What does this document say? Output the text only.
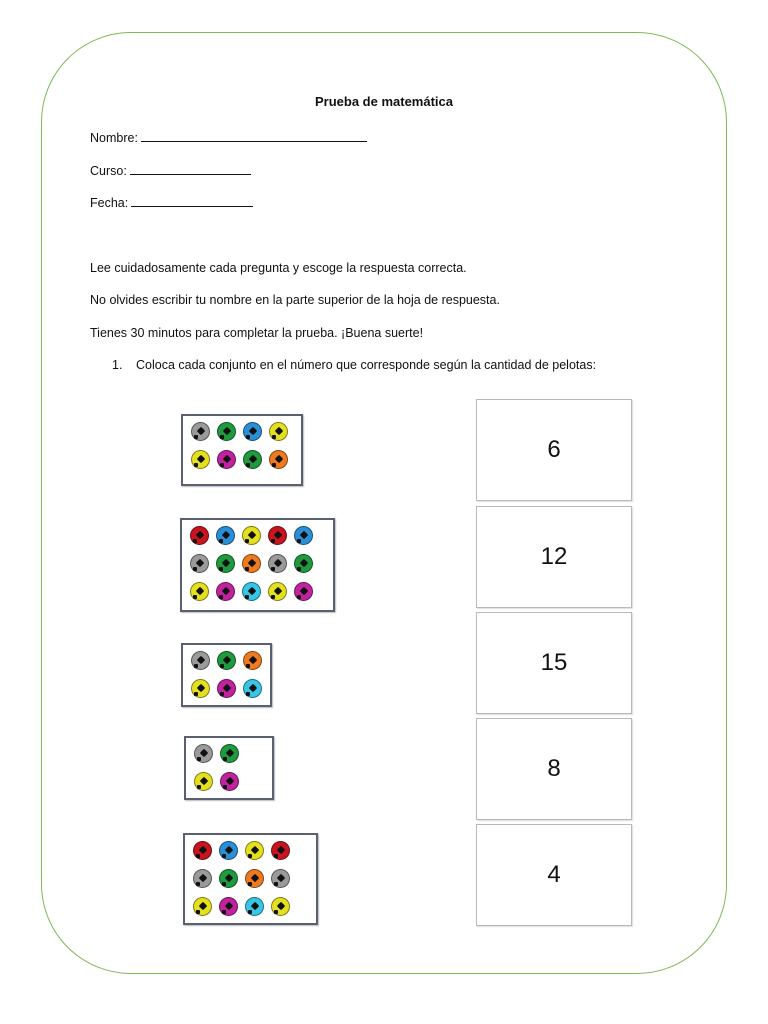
Prueba de matemática
Nombre:
Curso:
Fecha:
Lee cuidadosamente cada pregunta y escoge la respuesta correcta.
No olvides escribir tu nombre en la parte superior de la hoja de respuesta.
Tienes 30 minutos para completar la prueba. ¡Buena suerte!
1. Coloca cada conjunto en el número que corresponde según la cantidad de pelotas:
6
12
15
8
4
